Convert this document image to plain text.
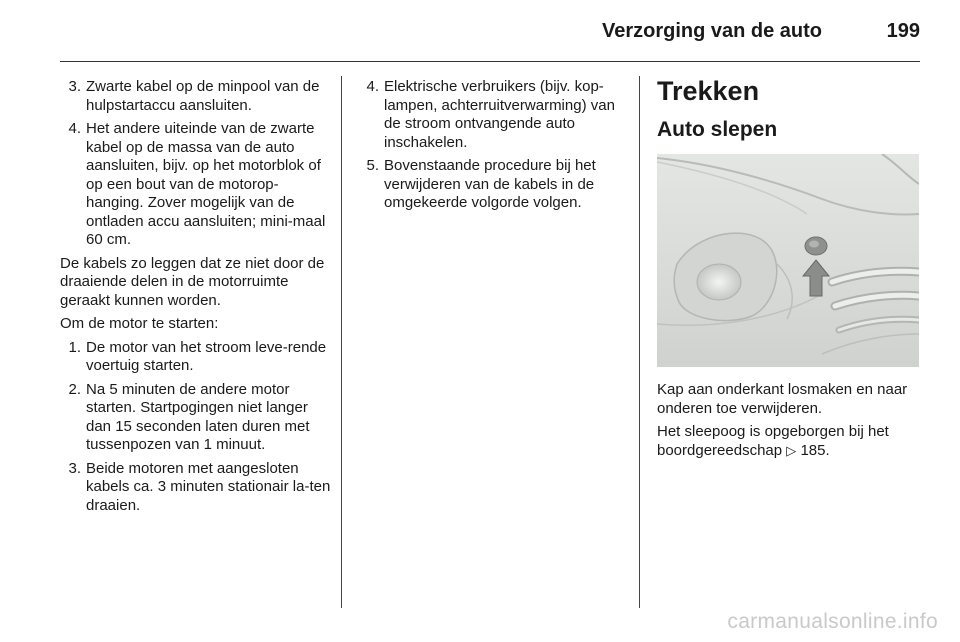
Verzorging van de auto	199
3. Zwarte kabel op de minpool van de hulpstartaccu aansluiten.
4. Het andere uiteinde van de zwarte kabel op de massa van de auto aansluiten, bijv. op het motorblok of op een bout van de motorop-hanging. Zover mogelijk van de ontladen accu aansluiten; mini-maal 60 cm.

De kabels zo leggen dat ze niet door de draaiende delen in de motorruimte geraakt kunnen worden.

Om de motor te starten:

1. De motor van het stroom leve-rende voertuig starten.
2. Na 5 minuten de andere motor starten. Startpogingen niet langer dan 15 seconden laten duren met tussenpozen van 1 minuut.
3. Beide motoren met aangesloten kabels ca. 3 minuten stationair la-ten draaien.
4. Elektrische verbruikers (bijv. kop-lampen, achterruitverwarming) van de stroom ontvangende auto inschakelen.
5. Bovenstaande procedure bij het verwijderen van de kabels in de omgekeerde volgorde volgen.
Trekken
Auto slepen

Kap aan onderkant losmaken en naar onderen toe verwijderen.

Het sleepoog is opgeborgen bij het boordgereedschap ▷ 185.

carmanualsonline.info
